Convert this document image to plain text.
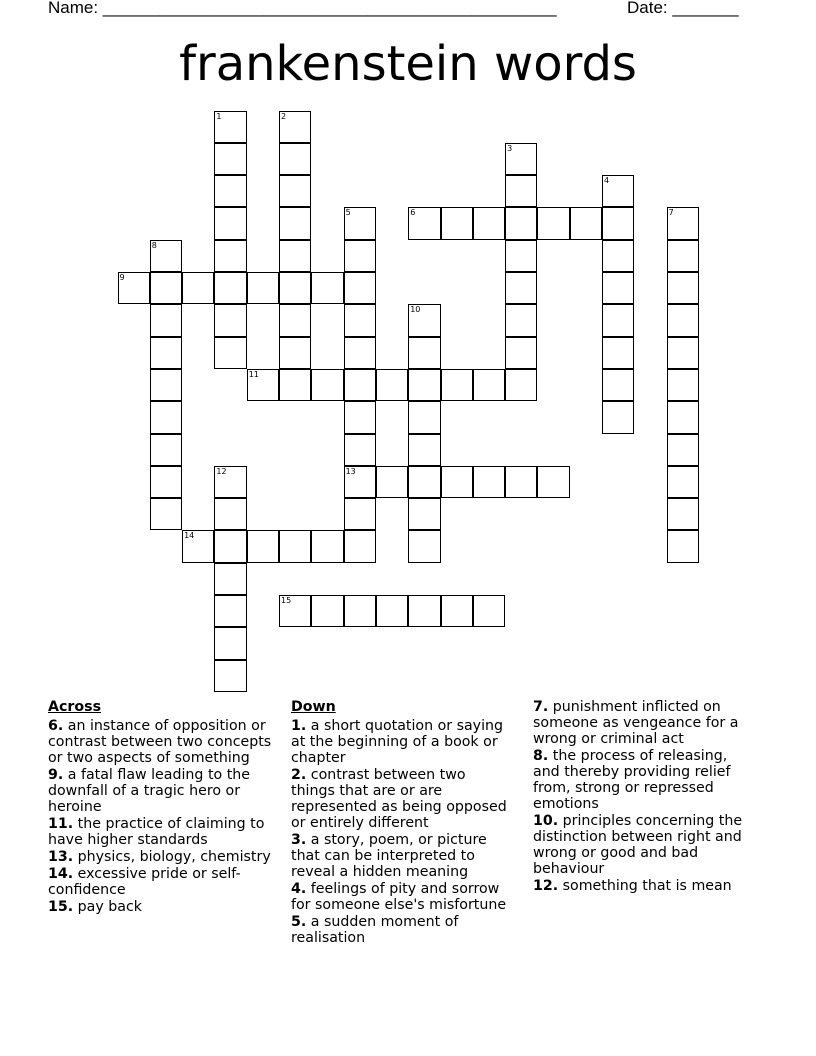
Name: ________________________________________________	Date: _______
frankenstein words
1	2
3
4
5
13
6	7
8
9
10
11
12
14
15
Across
6. an instance of opposition or contrast between two concepts or two aspects of something
9. a fatal flaw leading to the downfall of a tragic hero or heroine
11. the practice of claiming to have higher standards
13. physics, biology, chemistry
14. excessive pride or self-confidence
15. pay back
Down
1. a short quotation or saying at the beginning of a book or chapter
2. contrast between two things that are or are represented as being opposed or entirely different
3. a story, poem, or picture that can be interpreted to reveal a hidden meaning
4. feelings of pity and sorrow for someone else's misfortune
5. a sudden moment of realisation
7. punishment inflicted on someone as vengeance for a wrong or criminal act
8. the process of releasing, and thereby providing relief from, strong or repressed emotions
10. principles concerning the distinction between right and wrong or good and bad behaviour
12. something that is mean
